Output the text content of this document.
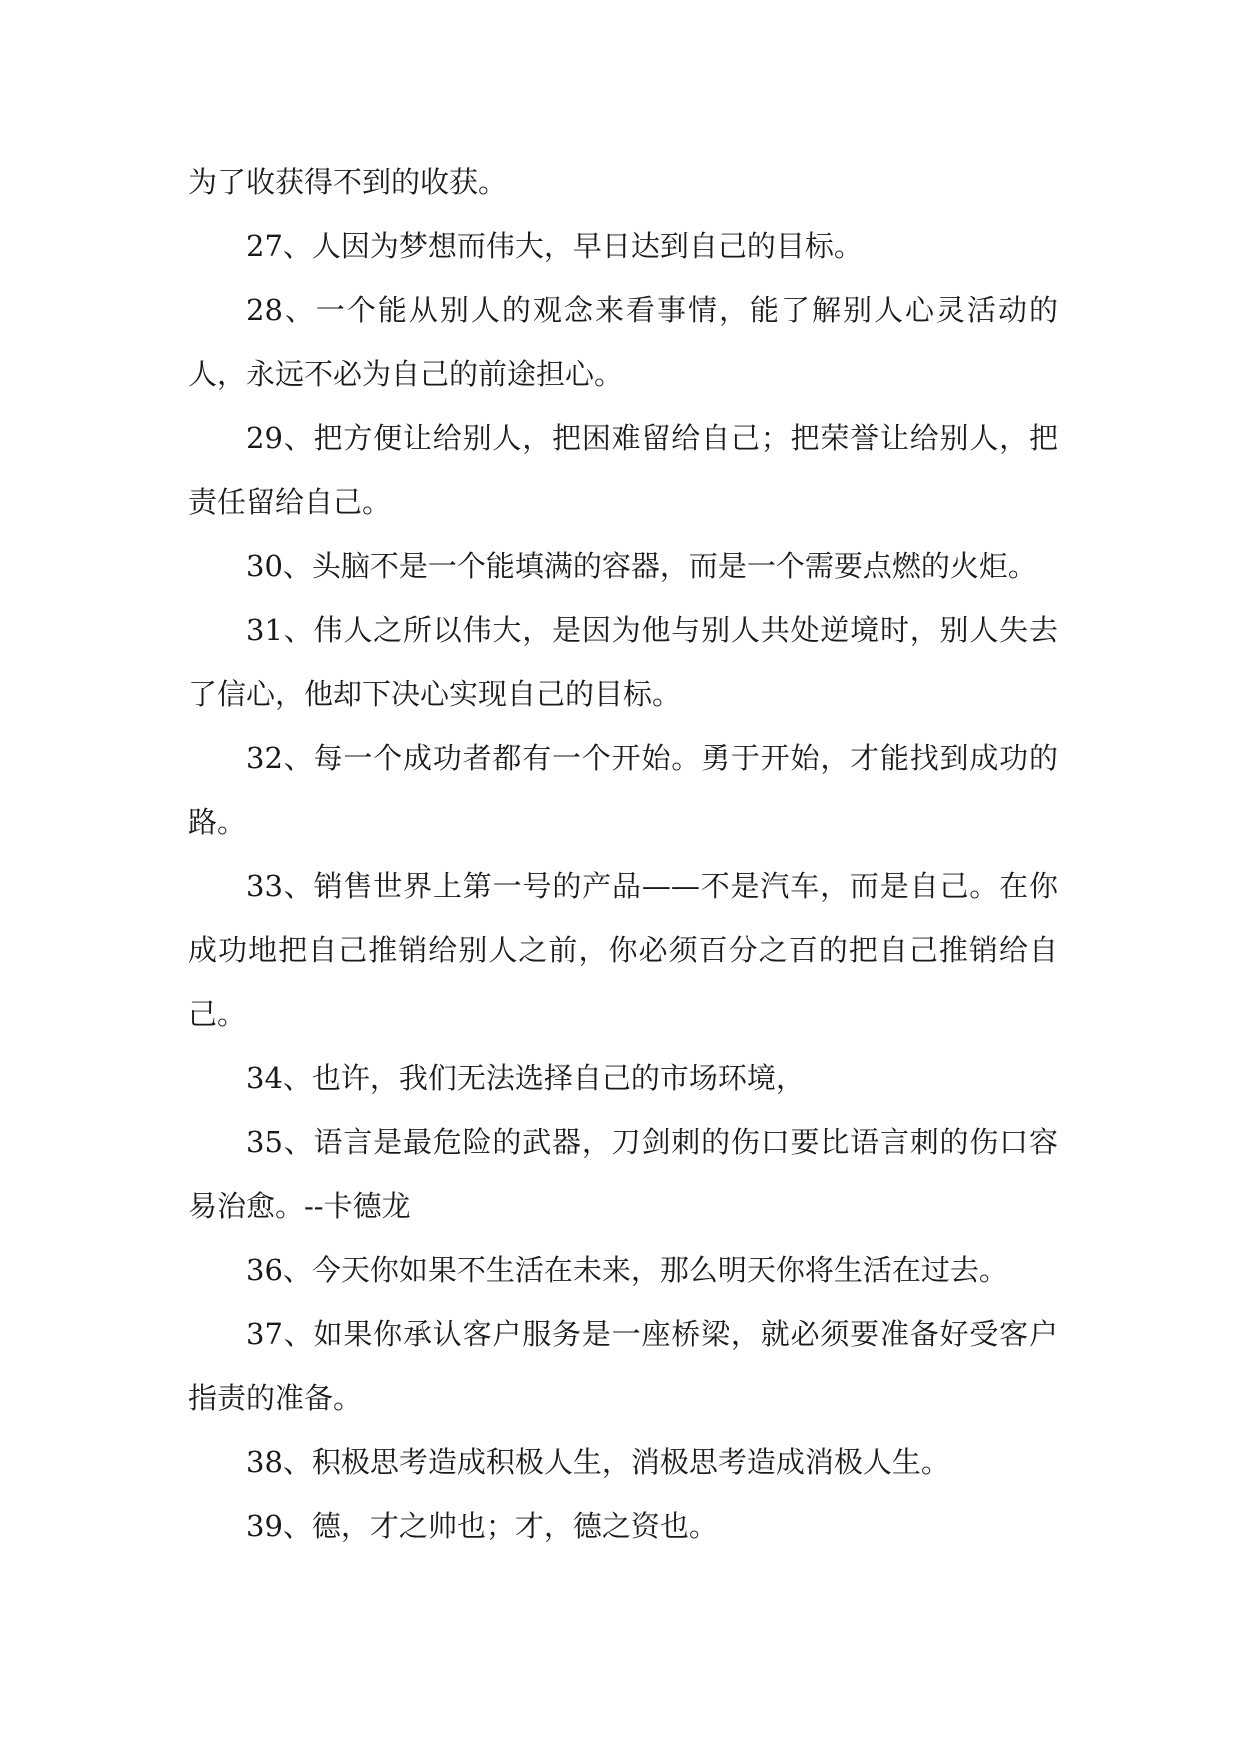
为了收获得不到的收获。

27、人因为梦想而伟大，早日达到自己的目标。

28、一个能从别人的观念来看事情，能了解别人心灵活动的人，永远不必为自己的前途担心。

29、把方便让给别人，把困难留给自己；把荣誉让给别人，把责任留给自己。

30、头脑不是一个能填满的容器，而是一个需要点燃的火炬。

31、伟人之所以伟大，是因为他与别人共处逆境时，别人失去了信心，他却下决心实现自己的目标。

32、每一个成功者都有一个开始。勇于开始，才能找到成功的路。

33、销售世界上第一号的产品——不是汽车，而是自己。在你成功地把自己推销给别人之前，你必须百分之百的把自己推销给自己。

34、也许，我们无法选择自己的市场环境，

35、语言是最危险的武器，刀剑刺的伤口要比语言刺的伤口容易治愈。--卡德龙

36、今天你如果不生活在未来，那么明天你将生活在过去。

37、如果你承认客户服务是一座桥梁，就必须要准备好受客户指责的准备。

38、积极思考造成积极人生，消极思考造成消极人生。

39、德，才之帅也；才，德之资也。
